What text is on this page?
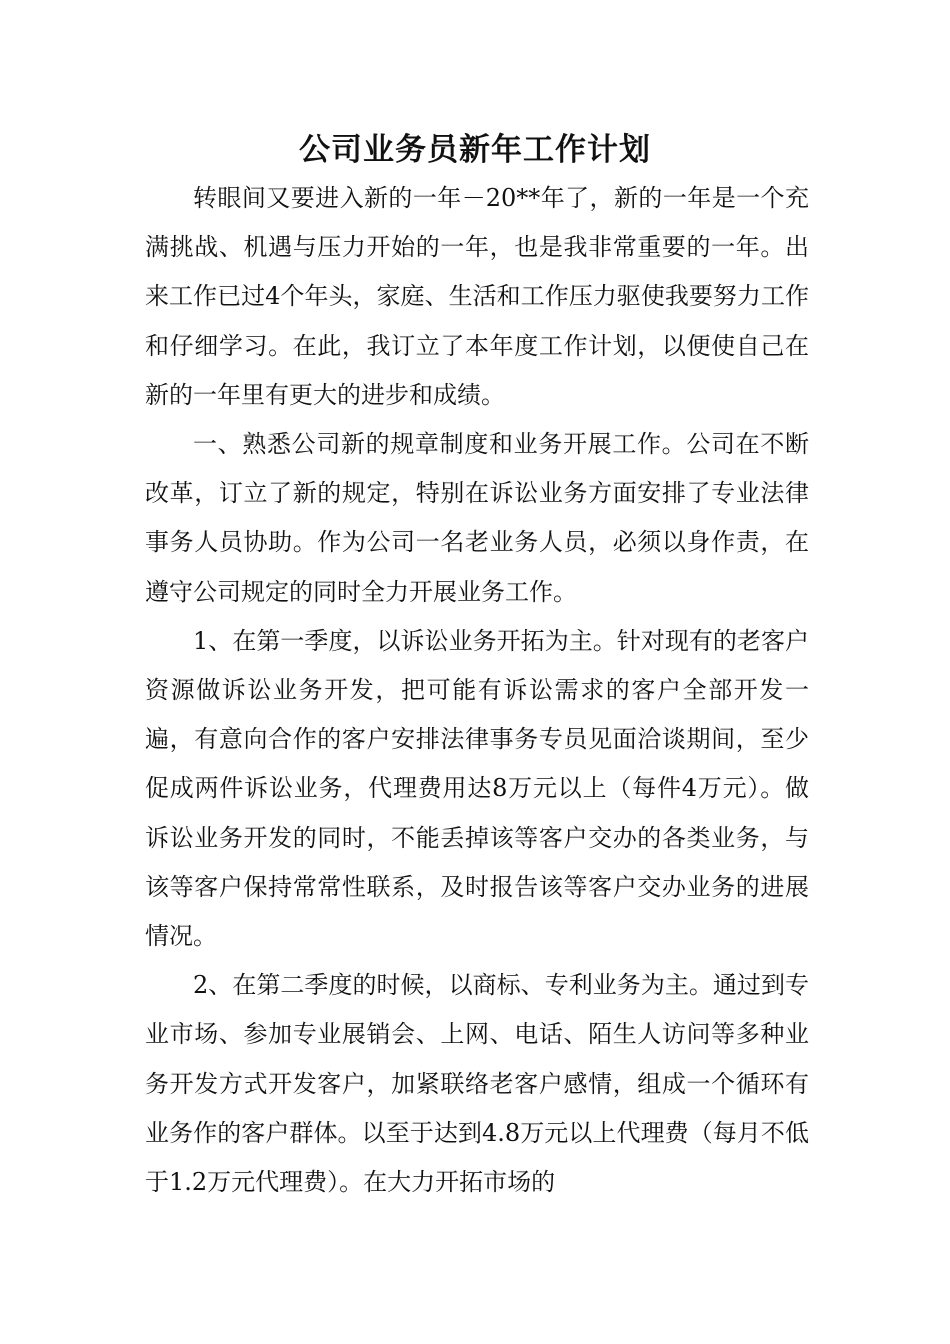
公司业务员新年工作计划

转眼间又要进入新的一年－20**年了，新的一年是一个充满挑战、机遇与压力开始的一年，也是我非常重要的一年。出来工作已过4个年头，家庭、生活和工作压力驱使我要努力工作和仔细学习。在此，我订立了本年度工作计划，以便使自己在新的一年里有更大的进步和成绩。

一、熟悉公司新的规章制度和业务开展工作。公司在不断改革，订立了新的规定，特别在诉讼业务方面安排了专业法律事务人员协助。作为公司一名老业务人员，必须以身作责，在遵守公司规定的同时全力开展业务工作。

1、在第一季度，以诉讼业务开拓为主。针对现有的老客户资源做诉讼业务开发，把可能有诉讼需求的客户全部开发一遍，有意向合作的客户安排法律事务专员见面洽谈期间，至少促成两件诉讼业务，代理费用达8万元以上（每件4万元）。做诉讼业务开发的同时，不能丢掉该等客户交办的各类业务，与该等客户保持常常性联系，及时报告该等客户交办业务的进展情况。

2、在第二季度的时候，以商标、专利业务为主。通过到专业市场、参加专业展销会、上网、电话、陌生人访问等多种业务开发方式开发客户，加紧联络老客户感情，组成一个循环有业务作的客户群体。以至于达到4.8万元以上代理费（每月不低于1.2万元代理费）。在大力开拓市场的
